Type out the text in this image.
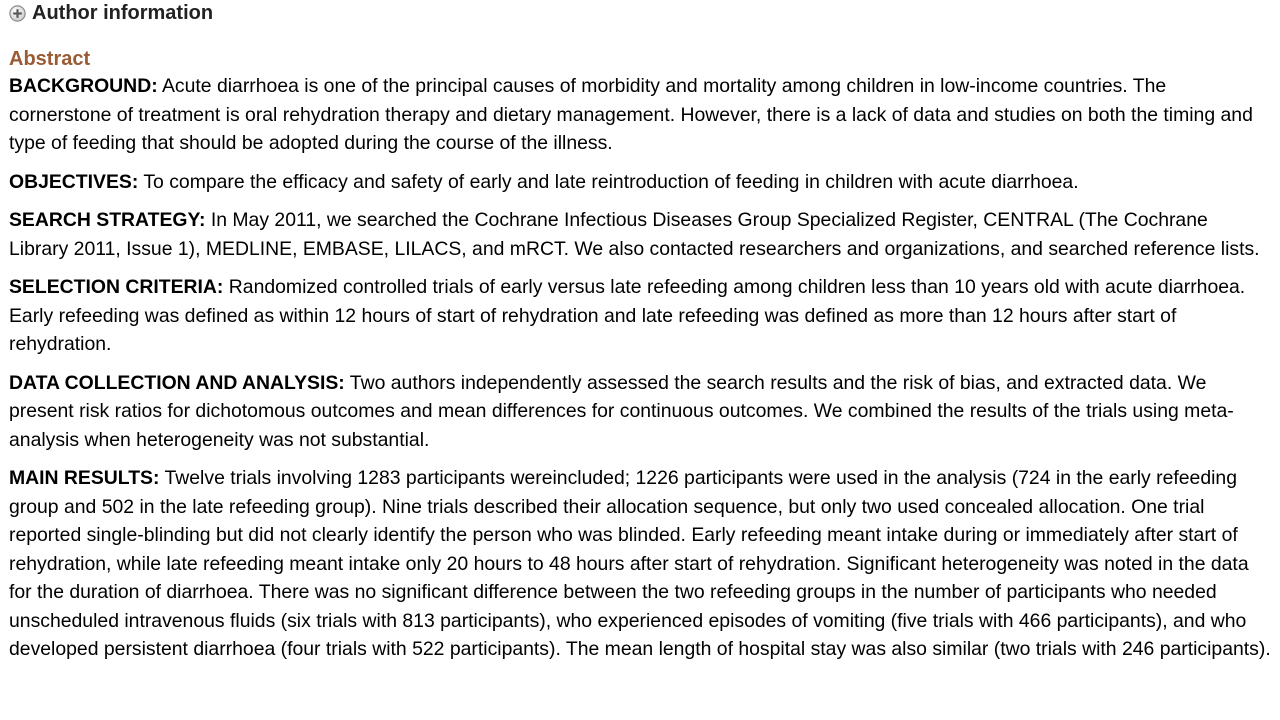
Author information
Abstract

BACKGROUND: Acute diarrhoea is one of the principal causes of morbidity and mortality among children in low-income countries. The cornerstone of treatment is oral rehydration therapy and dietary management. However, there is a lack of data and studies on both the timing and type of feeding that should be adopted during the course of the illness.

OBJECTIVES: To compare the efficacy and safety of early and late reintroduction of feeding in children with acute diarrhoea.

SEARCH STRATEGY: In May 2011, we searched the Cochrane Infectious Diseases Group Specialized Register, CENTRAL (The Cochrane Library 2011, Issue 1), MEDLINE, EMBASE, LILACS, and mRCT. We also contacted researchers and organizations, and searched reference lists.

SELECTION CRITERIA: Randomized controlled trials of early versus late refeeding among children less than 10 years old with acute diarrhoea. Early refeeding was defined as within 12 hours of start of rehydration and late refeeding was defined as more than 12 hours after start of rehydration.

DATA COLLECTION AND ANALYSIS: Two authors independently assessed the search results and the risk of bias, and extracted data. We present risk ratios for dichotomous outcomes and mean differences for continuous outcomes. We combined the results of the trials using meta-analysis when heterogeneity was not substantial.

MAIN RESULTS: Twelve trials involving 1283 participants wereincluded; 1226 participants were used in the analysis (724 in the early refeeding group and 502 in the late refeeding group). Nine trials described their allocation sequence, but only two used concealed allocation. One trial reported single-blinding but did not clearly identify the person who was blinded. Early refeeding meant intake during or immediately after start of rehydration, while late refeeding meant intake only 20 hours to 48 hours after start of rehydration. Significant heterogeneity was noted in the data for the duration of diarrhoea. There was no significant difference between the two refeeding groups in the number of participants who needed unscheduled intravenous fluids (six trials with 813 participants), who experienced episodes of vomiting (five trials with 466 participants), and who developed persistent diarrhoea (four trials with 522 participants). The mean length of hospital stay was also similar (two trials with 246 participants).
